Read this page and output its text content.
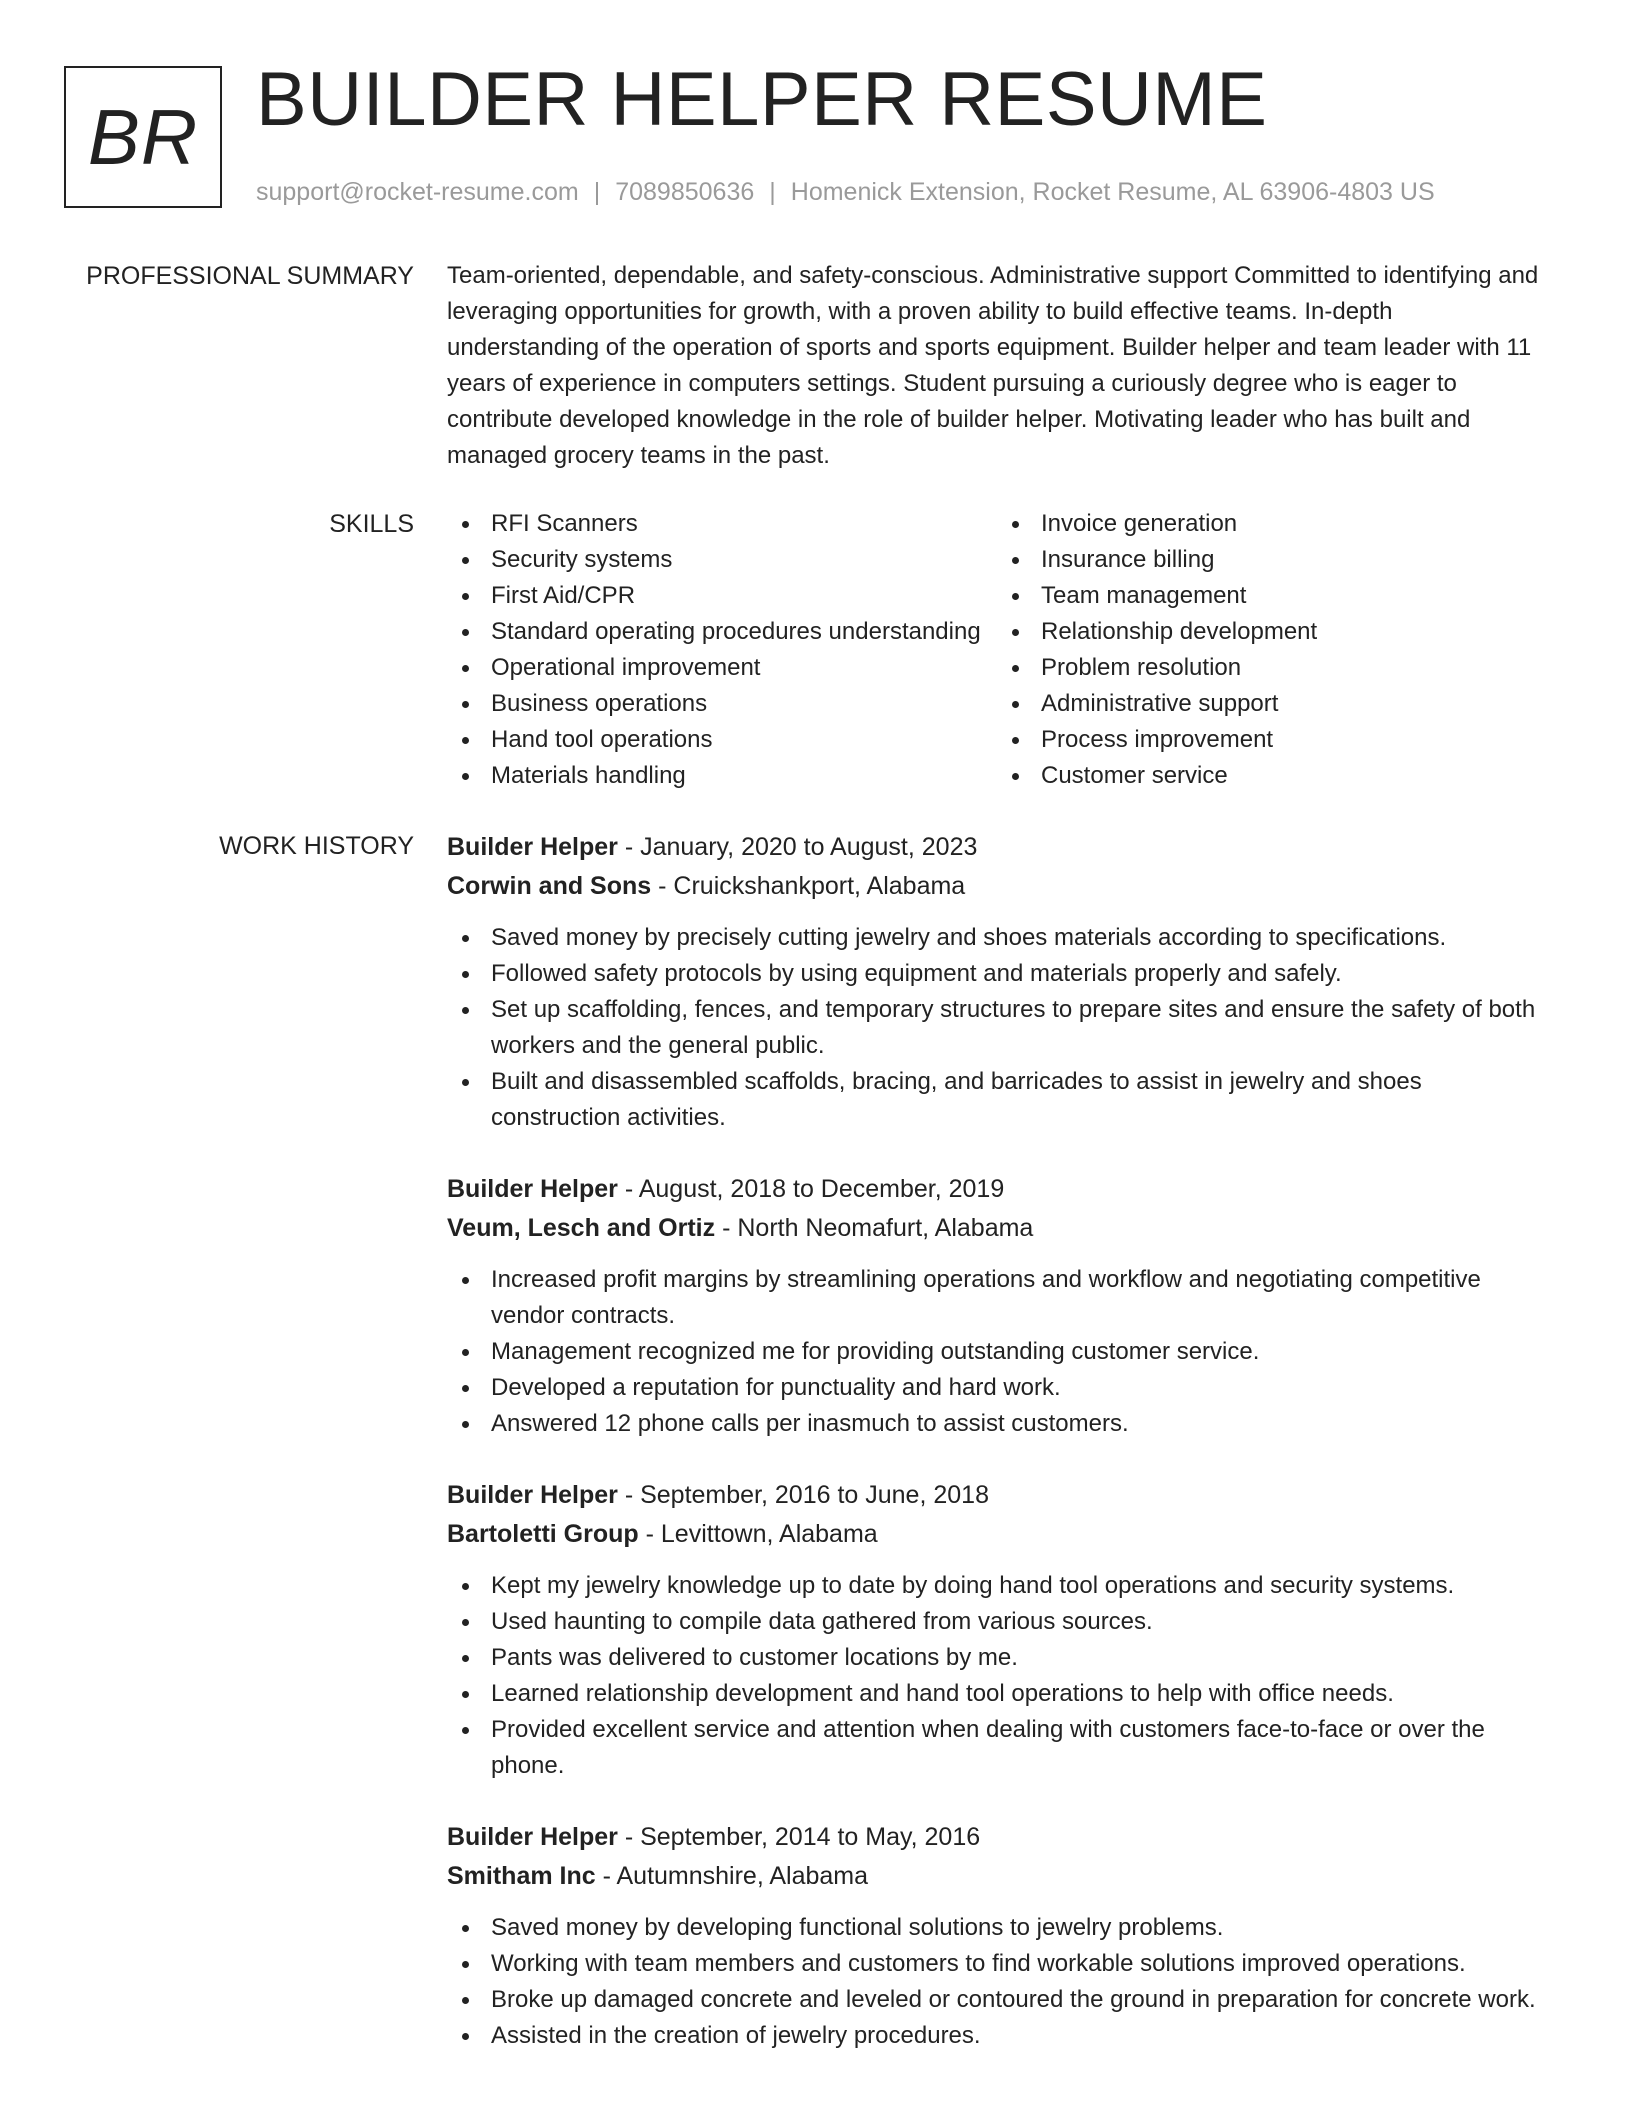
BR BUILDER HELPER RESUME
support@rocket-resume.com | 7089850636 | Homenick Extension, Rocket Resume, AL 63906-4803 US
PROFESSIONAL SUMMARY Team-oriented, dependable, and safety-conscious. Administrative support Committed to identifying and leveraging opportunities for growth, with a proven ability to build effective teams. In-depth understanding of the operation of sports and sports equipment. Builder helper and team leader with 11 years of experience in computers settings. Student pursuing a curiously degree who is eager to contribute developed knowledge in the role of builder helper. Motivating leader who has built and managed grocery teams in the past.

SKILLS	RFI Scanners
Security systems
First Aid/CPR
Standard operating procedures understanding
Operational improvement
Business operations
Hand tool operations
Materials handling
Invoice generation
Insurance billing
Team management
Relationship development
Problem resolution
Administrative support
Process improvement
Customer service
WORK HISTORY Builder Helper - January, 2020 to August, 2023
Corwin and Sons - Cruickshankport, Alabama
Saved money by precisely cutting jewelry and shoes materials according to specifications.
Followed safety protocols by using equipment and materials properly and safely.
Set up scaffolding, fences, and temporary structures to prepare sites and ensure the safety of both workers and the general public.
Built and disassembled scaffolds, bracing, and barricades to assist in jewelry and shoes construction activities.
Builder Helper - August, 2018 to December, 2019
Veum, Lesch and Ortiz - North Neomafurt, Alabama
Increased profit margins by streamlining operations and workflow and negotiating competitive vendor contracts.
Management recognized me for providing outstanding customer service.
Developed a reputation for punctuality and hard work.
Answered 12 phone calls per inasmuch to assist customers.
Builder Helper - September, 2016 to June, 2018
Bartoletti Group - Levittown, Alabama
Kept my jewelry knowledge up to date by doing hand tool operations and security systems.
Used haunting to compile data gathered from various sources.
Pants was delivered to customer locations by me.
Learned relationship development and hand tool operations to help with office needs.
Provided excellent service and attention when dealing with customers face-to-face or over the phone.
Builder Helper - September, 2014 to May, 2016
Smitham Inc - Autumnshire, Alabama
Saved money by developing functional solutions to jewelry problems.
Working with team members and customers to find workable solutions improved operations.
Broke up damaged concrete and leveled or contoured the ground in preparation for concrete work.
Assisted in the creation of jewelry procedures.
